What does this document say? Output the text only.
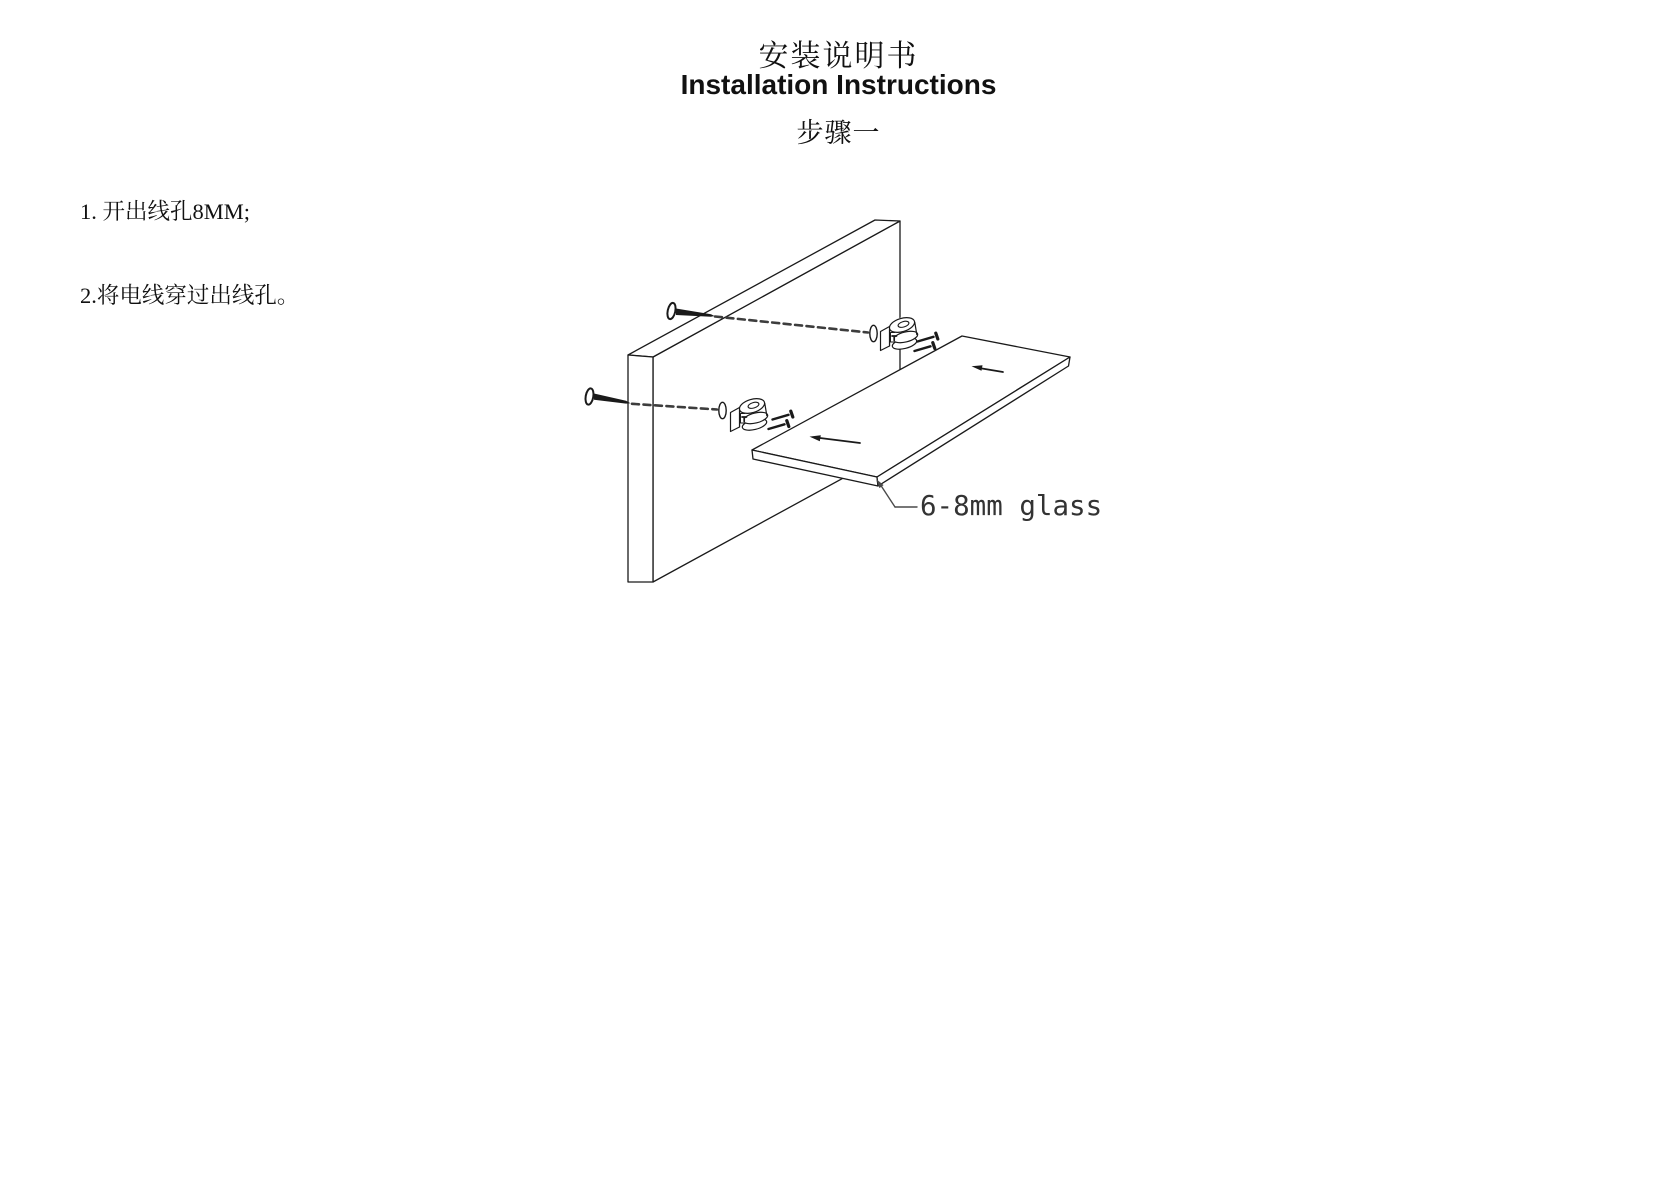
安装说明书
Installation Instructions
步骤一

1. 开出线孔8MM;

2.将电线穿过出线孔。

6-8mm glass
